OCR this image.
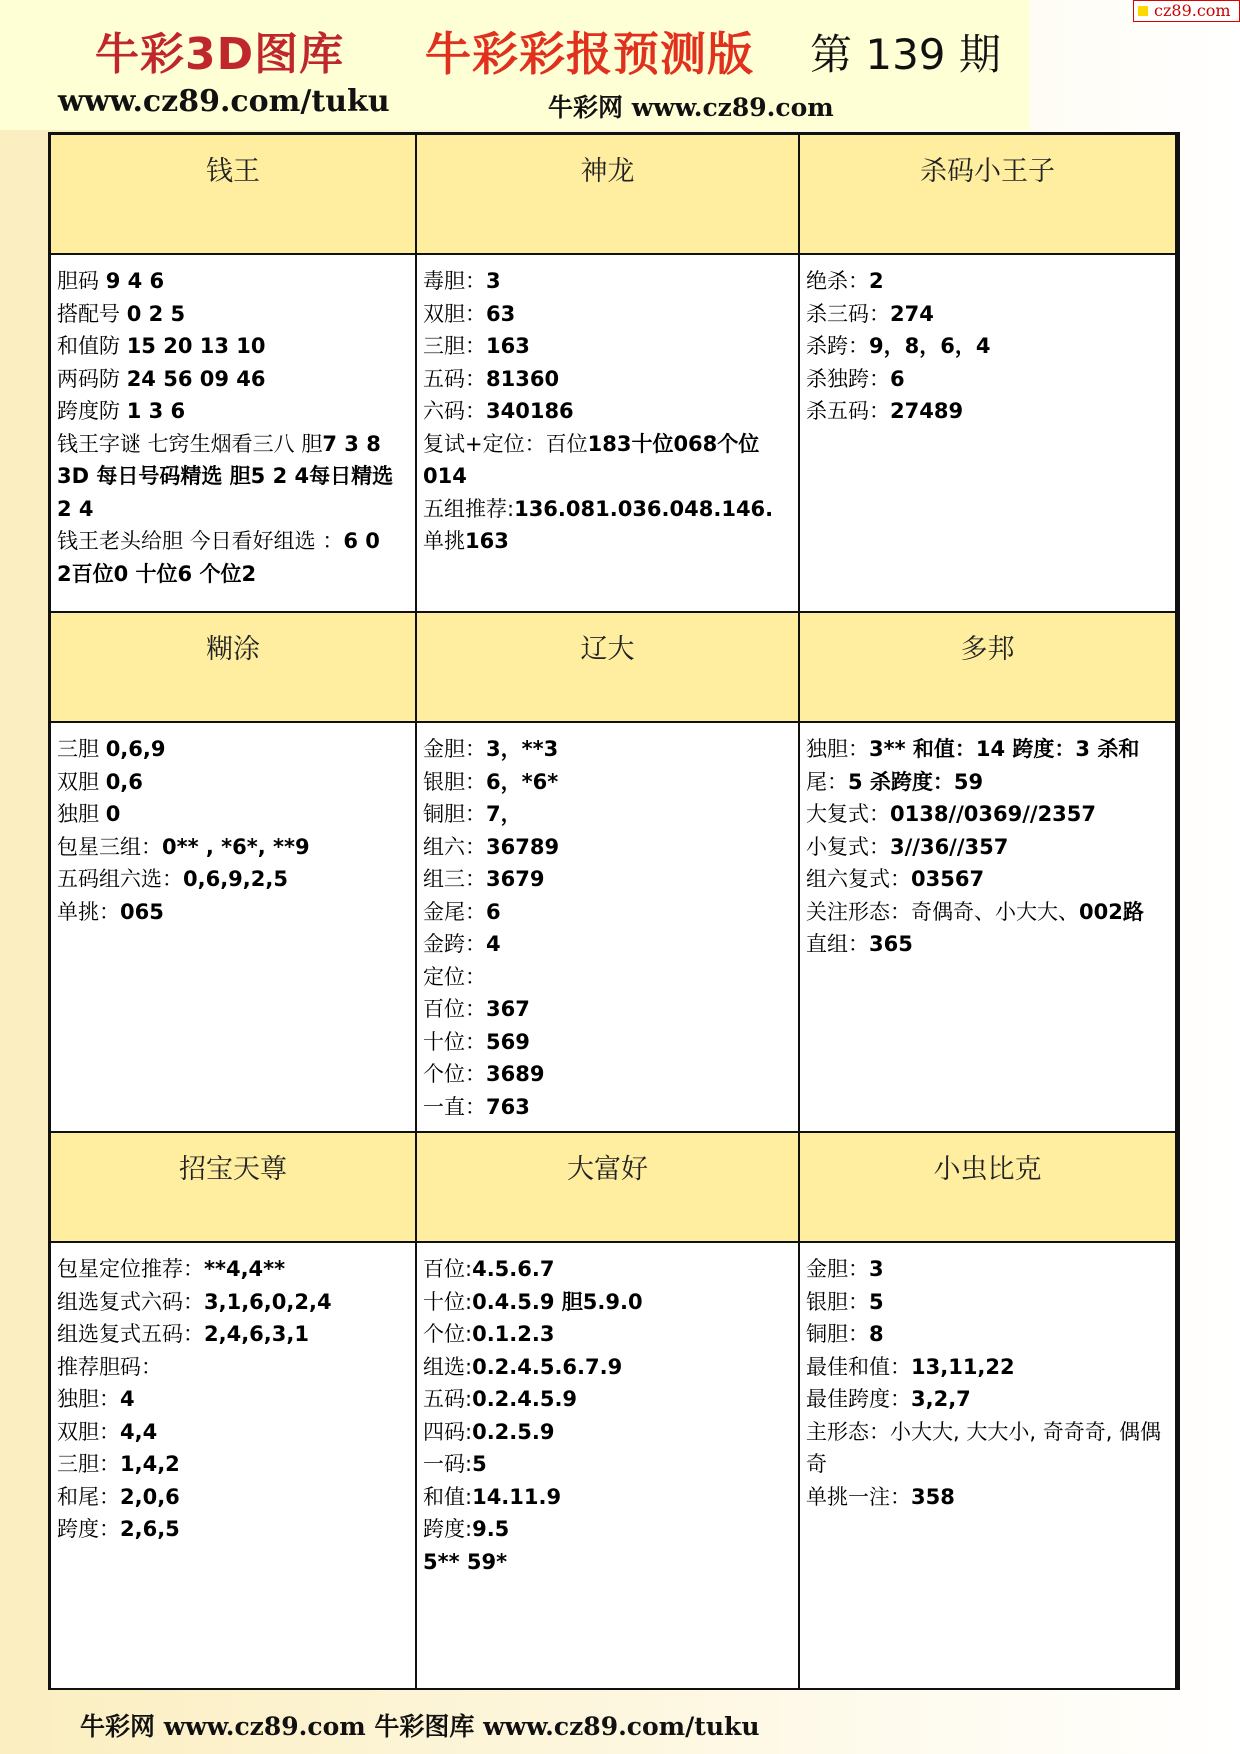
牛彩3D图库 牛彩彩报预测版 第 139 期
www.cz89.com/tuku	牛彩网 www.cz89.com
cz89.com
钱王
胆码 9 4 6
搭配号 0 2 5
和值防 15 20 13 10
两码防 24 56 09 46
跨度防 1 3 6
钱王字谜 七窍生烟看三八 胆7 3 8
3D 每日号码精选 胆5 2 4每日精选
2 4
钱王老头给胆 今日看好组选 ：6 0
2百位0 十位6 个位2
神龙
毒胆：3
双胆：63
三胆：163
五码：81360
六码：340186
复试+定位：百位183十位068个位
014
五组推荐:136.081.036.048.146.
单挑163
杀码小王子
绝杀：2
杀三码：274
杀跨：9，8，6，4
杀独跨：6
杀五码：27489
糊涂
三胆 0,6,9
双胆 0,6
独胆 0
包星三组：0** , *6*, **9
五码组六选：0,6,9,2,5
单挑：065
辽大
金胆：3，**3
银胆：6，*6*
铜胆：7，
组六：36789
组三：3679
金尾：6
金跨：4
定位：
百位：367
十位：569
个位：3689
一直：763
多邦
独胆：3** 和值：14 跨度：3 杀和
尾：5 杀跨度：59
大复式：0138//0369//2357
小复式：3//36//357
组六复式：03567
关注形态：奇偶奇、小大大、002路
直组：365
招宝天尊
包星定位推荐：**4,4**
组选复式六码：3,1,6,0,2,4
组选复式五码：2,4,6,3,1
推荐胆码：
独胆：4
双胆：4,4
三胆：1,4,2
和尾：2,0,6
跨度：2,6,5
大富好
百位:4.5.6.7
十位:0.4.5.9 胆5.9.0
个位:0.1.2.3
组选:0.2.4.5.6.7.9
五码:0.2.4.5.9
四码:0.2.5.9
一码:5
和值:14.11.9
跨度:9.5
5** 59*
小虫比克
金胆：3
银胆：5
铜胆：8
最佳和值：13,11,22
最佳跨度：3,2,7
主形态：小大大, 大大小, 奇奇奇, 偶偶
奇
单挑一注：358
牛彩网 www.cz89.com 牛彩图库 www.cz89.com/tuku
